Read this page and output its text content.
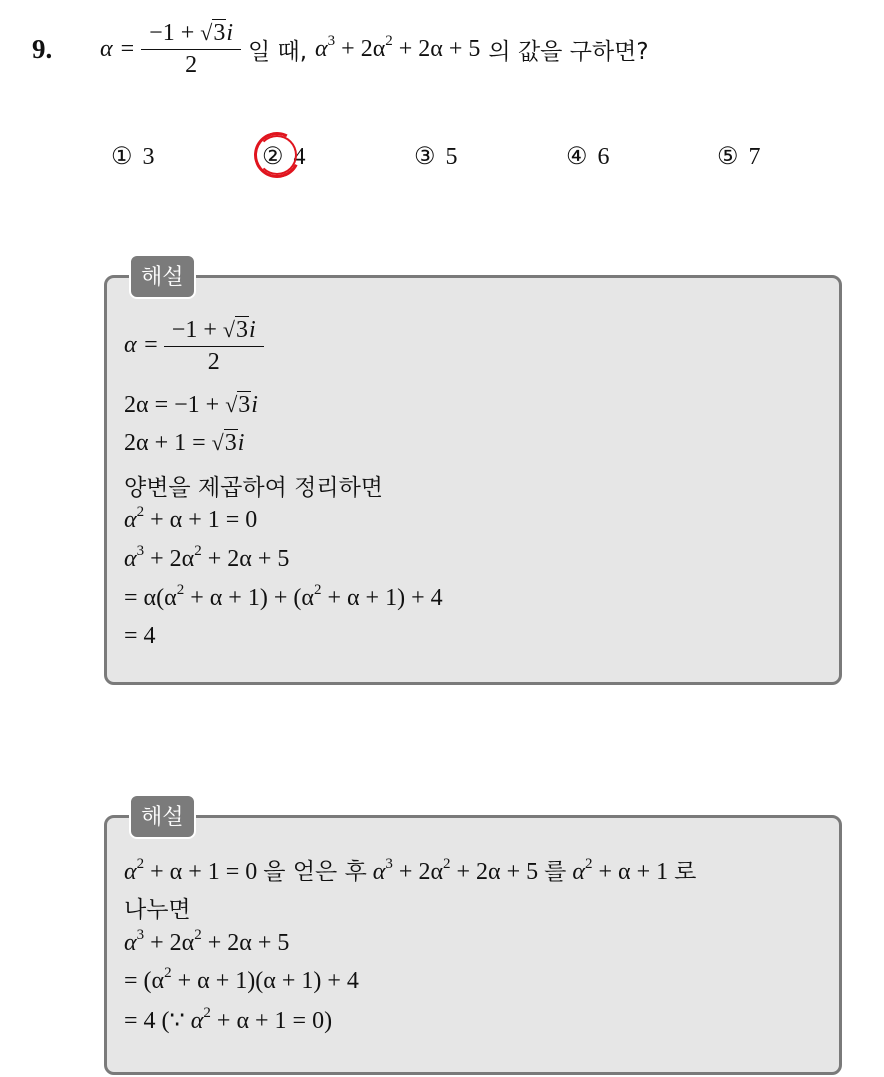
9. $\alpha = \frac{-1 + √3i}{2}$ 일 때, $\alpha^3 + 2\alpha^2 + 2\alpha + 5$ 의 값을 구하면?
① 3	② 4	③ 5	④ 6	⑤ 7
해설
$\alpha = \frac{-1 + √3i}{2}$
2α = −1 + √3i
2α + 1 = √3i
양변을 제곱하여 정리하면
$\alpha^2 + \alpha + 1 = 0$
$\alpha^3 + 2\alpha^2 + 2\alpha + 5$
= $\alpha(\alpha^2 + \alpha + 1) + (\alpha^2 + \alpha + 1) + 4$
= 4
해설
$\alpha^2 + \alpha + 1 = 0$ 을 얻은 후 $\alpha^3 + 2\alpha^2 + 2\alpha + 5$ 를 $\alpha^2 + \alpha + 1$ 로
나누면
$\alpha^3 + 2\alpha^2 + 2\alpha + 5$
= $(\alpha^2 + \alpha + 1)(\alpha + 1) + 4$
= 4 (∵ $\alpha^2 + \alpha + 1 = 0$)
